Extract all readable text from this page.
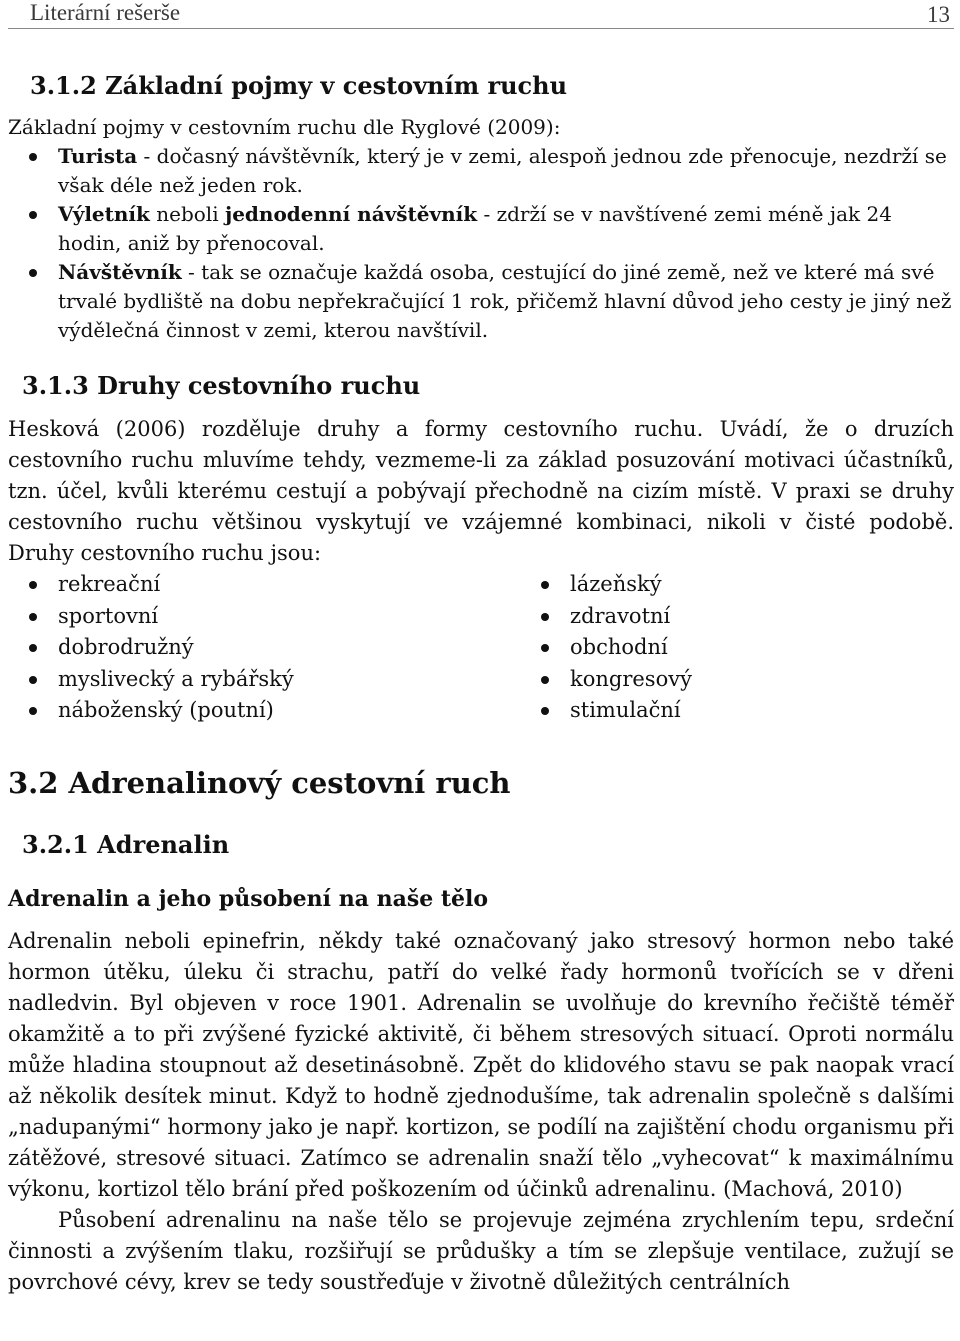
Literární rešerše	13
3.1.2 Základní pojmy v cestovním ruchu

Základní pojmy v cestovním ruchu dle Ryglové (2009):

Turista - dočasný návštěvník, který je v zemi, alespoň jednou zde přenocuje, nezdrží se však déle než jeden rok.
Výletník neboli jednodenní návštěvník - zdrží se v navštívené zemi méně jak 24 hodin, aniž by přenocoval.
Návštěvník - tak se označuje každá osoba, cestující do jiné země, než ve které má své trvalé bydliště na dobu nepřekračující 1 rok, přičemž hlavní důvod jeho cesty je jiný než výdělečná činnost v zemi, kterou navštívil.
3.1.3 Druhy cestovního ruchu

Hesková (2006) rozděluje druhy a formy cestovního ruchu. Uvádí, že o druzích cestovního ruchu mluvíme tehdy, vezmeme-li za základ posuzování motivaci účastníků, tzn. účel, kvůli kterému cestují a pobývají přechodně na cizím místě. V praxi se druhy cestovního ruchu většinou vyskytují ve vzájemné kombinaci, nikoli v čisté podobě. Druhy cestovního ruchu jsou:

rekreační
sportovní
dobrodružný
myslivecký a rybářský
náboženský (poutní)
lázeňský
zdravotní
obchodní
kongresový
stimulační
3.2 Adrenalinový cestovní ruch
3.2.1 Adrenalin
Adrenalin a jeho působení na naše tělo

Adrenalin neboli epinefrin, někdy také označovaný jako stresový hormon nebo také hormon útěku, úleku či strachu, patří do velké řady hormonů tvořících se v dřeni nadledvin. Byl objeven v roce 1901. Adrenalin se uvolňuje do krevního řečiště téměř okamžitě a to při zvýšené fyzické aktivitě, či během stresových situací. Oproti normálu může hladina stoupnout až desetinásobně. Zpět do klidového stavu se pak naopak vrací až několik desítek minut. Když to hodně zjednodušíme, tak adrenalin společně s dalšími „nadupanými“ hormony jako je např. kortizon, se podílí na zajištění chodu organismu při zátěžové, stresové situaci. Zatímco se adrenalin snaží tělo „vyhecovat“ k maximálnímu výkonu, kortizol tělo brání před poškozením od účinků adrenalinu. (Machová, 2010)

Působení adrenalinu na naše tělo se projevuje zejména zrychlením tepu, srdeční činnosti a zvýšením tlaku, rozšiřují se průdušky a tím se zlepšuje ventilace, zužují se povrchové cévy, krev se tedy soustřeďuje v životně důležitých centrálních
